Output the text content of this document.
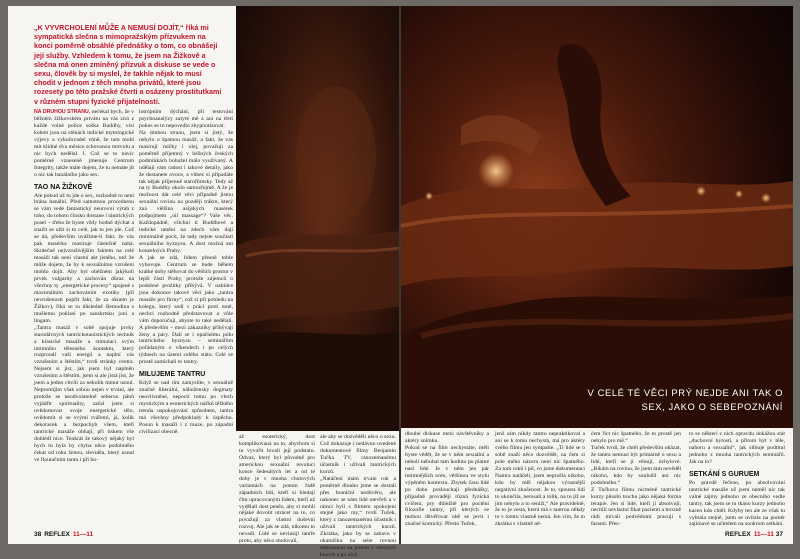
„K VYVRCHOLENÍ MŮŽE A NEMUSÍ DOJÍT,“ říká mi sympatická slečna s mimopražským přízvukem na konci poměrně obsáhlé přednášky o tom, co obnášejí její služby. Vzhledem k tomu, že jsem na Žižkově a slečna má onen zmíněný přízvuk a diskuse se vede o sexu, člověk by si myslel, že takhle nějak to musí chodit v jednom z těch mnoha privátů, které jsou rozesety po této pražské čtvrti a osázeny prostitutkami v různém stupni fyzické přijatelnosti.

NA DRUHOU STRANU, nečekal bych, že v běžném žižkovském privátu na vás zírá z každé volné police soška Buddhy, visí kolem jsou na stěnách indické mytologické výjevy a vykuřovadel vůně, že tam mohl mít klidné dva měsíce schovanou mrtvolu a nic bych nedělal. I. Což se to navíc poměrně vzneseně jmenuje Centrum Integrity, takže máte dojem, že tu nemáte jít o nic tak banálního jako sex.
TAO NA ŽIŽKOVĚ
Ale pokud už tu jde o sex, rozhodně to není brána banální. Před samotnou procedurou se vám vede fantastický neurovní výtah z toho, do tohoto čínsku dostane i tántrických posel – třeba že byste vždy hodně dýchat a snažit se užít si to celé, jak to jen jde. Což se dá, především uvážíme-li fakt, že vás pak masérka masíruje částečně nahá. Skutečně nejvzrušivějším faktem na celé masáži tak není vlastní akt jistého, než že může dojem, že by k sexuálnímu vzrušení mohlo dojít. Aby byl oběžném jakýkoli prvek vulgarity a zachován důraz na všechny ty „energetické procesy“ spojené s maximálním zachováním exotiky (při nevrušenosti popřít fakt, že za oknem je Žižkov), říká se tu důsledně šlemodina s mušlemu poklasí po sanskrtsku joni a lingam.
„Tantra masáž v sobě spojuje prvky starodávných tantrickotaoistických technik a klasické masáže a stimulaci svým intimního tělesného kontaktu, který rozproudí vaši energii a naplní vás vzrušením a štěstím,“ tvrdí stránky centra. Nejsem si jist, jak jsem byl naplněn vzrušením a štěstím, jsem si ale jistá jist, že jsem a jedno chvíli za nekolik minut usnul. Nepromíjím však sobou nejen v trvání, ale protože se neodvolatelně seberou pánů vyjádřit spirituality, začal jsem si uvědomovat svoje energetické tělo, uvědomit si se svými tvářemi, já, kolik dekoracek a bezpochyb všem, kteří tantrické masáže obhají, při tiskem vše dohlédl nice. Tenkrát že takový nějaký byl bych tu byla by chyba něco podobného čekat od roku ženou, slevněla, který usnul ve floutačním tantu i při ho-
lotropním dýchání, při testování psychoanalýzy zatyté mě a ani na třetí pokus se to nepovedlo zhypnotizovat.
Na druhou stranu, jsem si jistý, že nebylo o špatnou masáž, a fakt, že vás masírují ruičky i olej, považuji za poměrně příjemný v běžných českých podmínkách bohužel málo využívaný. A udělají vám radost i takové detaily, jako že dostanete ovoce, a vůbec si připadáte tak nějak příjemně staroříimsky. Tedy až na ty Buddhy okolo samozřejmě. A že je možnost dát celé věci případně jistou sexuální rovinu na později trákm, který zná většina asijských masérek podpojmem „oil massage“? Vaše věc. Každopádně, všichni ti Buddhové a indické umění na zdech vám dají minimálně pocit, že tady nejste součástí sexuálního byznysu. A dost možná ani kouzelných Prahy.
A jak se zdá, lidem přesně tohle vyhovuje. Centrum se bude během krátké doby stěhovat do větších prostor v lepší části Prahy, protože zájemců o podobné prožitky přibývá. V nabídce jsou dokonce takové věci jako „tantra masáže pro firmy“, což si při pohledu na kolegu, který sedí v práci proti mně, nechci rozhodně představovat a vůle vám doporučuji, abyste to také nedělali. A především – mezi zákazníky přibývají ženy a páry. Dalí se i opačnému pólu tantrického byznysu – seminářům pořádaným o víkendech i po celých týdnech na území celého státu. Celé se prostě zamíchali to tantry.
MILUJEME TANTRU
Když se nad tím zamyslíte, v sexuálně značně liberální, nábožensky dogmaty neovlivněné, nepoctí tomu po vlech mystickým a esoterických náčků těžkého trenda uspokojování způsobem, tantra má všechny předpoklady k úspěchu. Posun k masáži i z touze, po západní civilizaci obecně.
až esoterický, dost komplikovaná na to, abychom si tu vyvořit lovali její podstatu. Odvaz, který byl původně pro americkou sexuální revoluci konce šedesátých let a od té doby je v mnoha chutových variantách na potom řadě západních lidí, kteří si hledají čím upracovaným lidem, kteří už vydělali dost peněz, aby si mohli nějaké dovolit utrácet na to, co považují za vlastní duševní rozvoj. Ale jak se zdá, nikomu to nevadí. Lidé se nevlasiji tantře proto, aby něco studovali,
ale aby se dozvěděli něco o sexu. Což dokazuje i nedávno uvedené dokumentové filmy Benjamin Tučka TV, ranozemanému účastník i užívali tantrických kurzů.
„Natáčení mám trvale rok a poměrně dlouho jsme se dostali přes hraniční nedůvěru, ale nakonec se nám lidé otevřeli a v rámci byli s filmem spokojeni stejně jako my,“ tvrdí Tuček, který z ranozemanému účastník i užívali tantrických kurzů. Zkrátka, jako by se zabavu v okamžiku na sebe rovnou zobrazoval na potom v artových kinech a po nich
38 REFLEX 11—11

V CELÉ TÉ VĚCI PRÝ NEJDE ANI TAK O SEX, JAKO O SEBEPOZNÁNÍ

dlouhé diskuse mezi návštěvníky a aktéry snímku.
Pokud se na film nechystáte, měli byste vědět, že se v něm sexuální a neboli nebuhal tam hodinu po platné nasí lidé. Je v něm jen pár intimnějších scén, většinou ve stylu výpěném kontextu. Zbytek času lidé po dobu poslouchají přednášky, případně provádějí různá fyzická cvičení, pry důležitě pro poctění filozofie tantry, při kterých se mohou důvěřovat obě se jevit i značné komický. Přesto Tuček,
jenž sám nikdy tantru nepraktikoval a ani se k tomu nechystá, má pro aktéry svého filmu jen sympatie. „Ti lidé se o sobě snaží něco dozvědět, na čem si pole mého názoru není nic špatného. Za tom roků i pil, co jsme dokumentaci Nantra natáčeli, jsem neprošla nikoho, kdo by měl nějakou výraznější negativní zkušenost. Je to, spousta lidí to ukončila, nerosali a tolik, na to již se jim nebylo a to seniží,“ Ale pravidelně, že to je cesta, která má s tantrou někdy to v tomto vlastně nemá. Jen vím, že to zkrátka s vlastně ně-
čem říct nic špatného, že to prostě jen nebylo pro mě.“
Tuček tvrdí, že chtěl především ukázat, že tantra nemusí být primárně o sexu a lidé, kteří se jí věnují, úchylové. „Bikám na rovinu, že jsem tam nevěděl nikoho, kdo by souložil ani nic podobného.“
Z Tučkova filmu nicméně tantrické kurzy působí trochu jako nějaká forma terapie. Jen si lidé, kteří jí absolvují, necítili nevlastní fikat pacienti a hrozně rádi mívali podvědomí pracují s farami. Přes-
to se některí z nich opravdu dokážou stát „duchovní bytostí, a přitom být v těle, nahoru a sexuální“, jak slibuje podtitul jednoho z mnoha tantrických seminářů. Jak na to?
SETKÁNÍ S GURUEM
Po pravdě řečeno, po absolvování tantrické masáže už jsem neměl nic tak valné zájmy jednoho ze obecního vedle tantry, tak jsem se tu tkáno kurzy jednoho kaceo kdo chtěl. Kdyby ten ale ze však tu vybrala stejně, jsem se uvítala na poměr zajímavé se učitelem na soukrom setkání.
REFLEX 11—11 37
